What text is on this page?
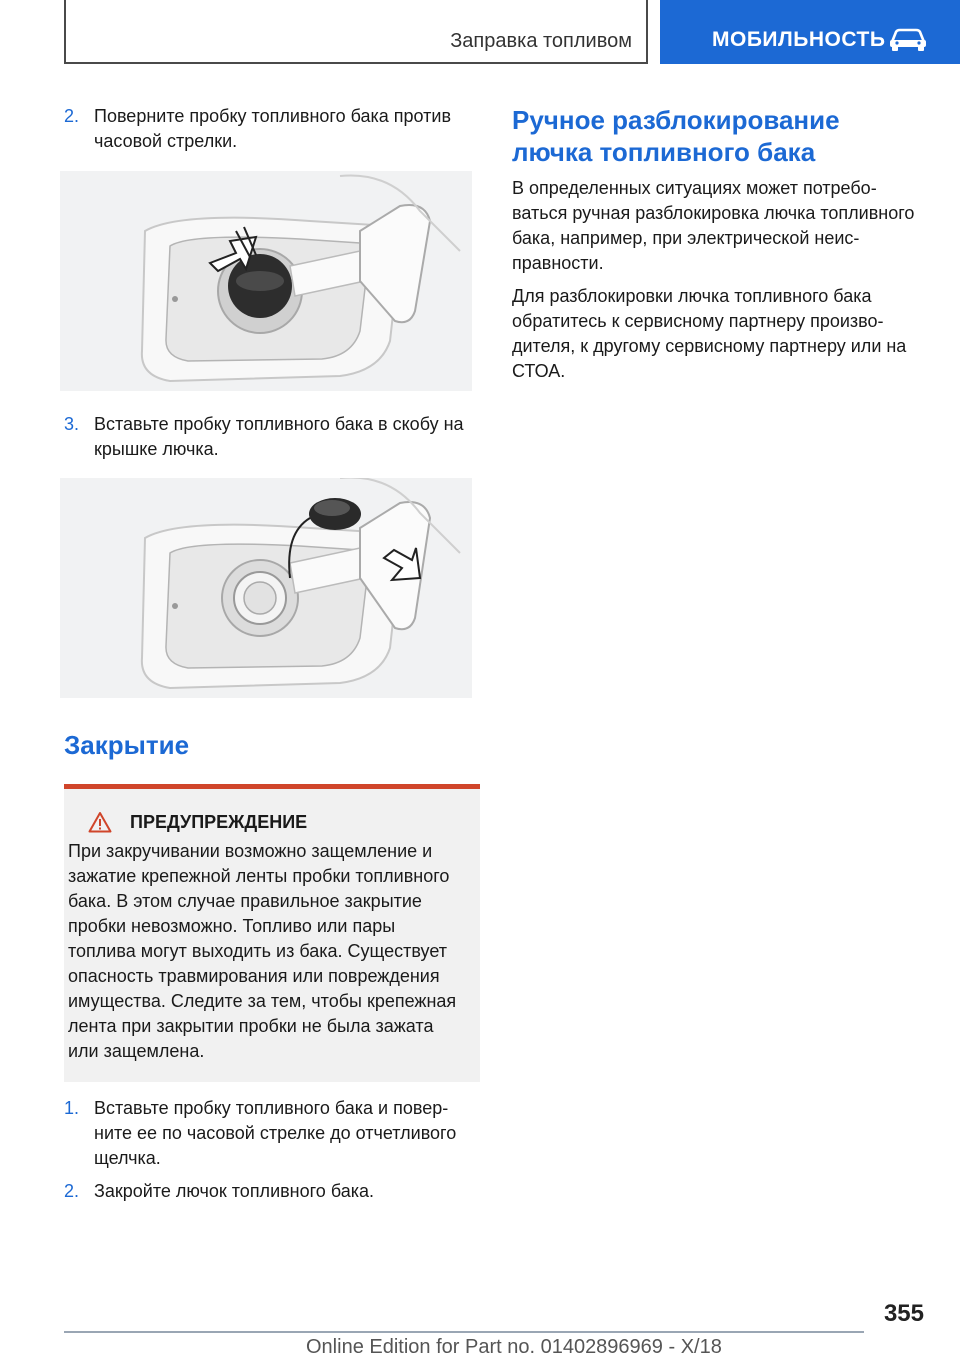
Заправка топливом	МОБИЛЬНОСТЬ
2. Поверните пробку топливного бака против часовой стрелки.
3. Вставьте пробку топливного бака в скобу на крышке лючка.
Закрытие
ПРЕДУПРЕЖДЕНИЕ
При закручивании возможно защемление и зажатие крепежной ленты пробки топливного бака. В этом случае правильное закрытие пробки невозможно. Топливо или пары топлива могут выходить из бака. Существует опасность травмирования или повреждения имущества. Следите за тем, чтобы крепежная лента при закрытии пробки не была зажата или защемлена.
1. Вставьте пробку топливного бака и поверните ее по часовой стрелке до отчетливого щелчка.
2. Закройте лючок топливного бака.
Ручное разблокирование лючка топливного бака
В определенных ситуациях может потребоваться ручная разблокировка лючка топливного бака, например, при электрической неисправности.
Для разблокировки лючка топливного бака обратитесь к сервисному партнеру производителя, к другому сервисному партнеру или на СТОА.
355
Online Edition for Part no. 01402896969 - X/18
